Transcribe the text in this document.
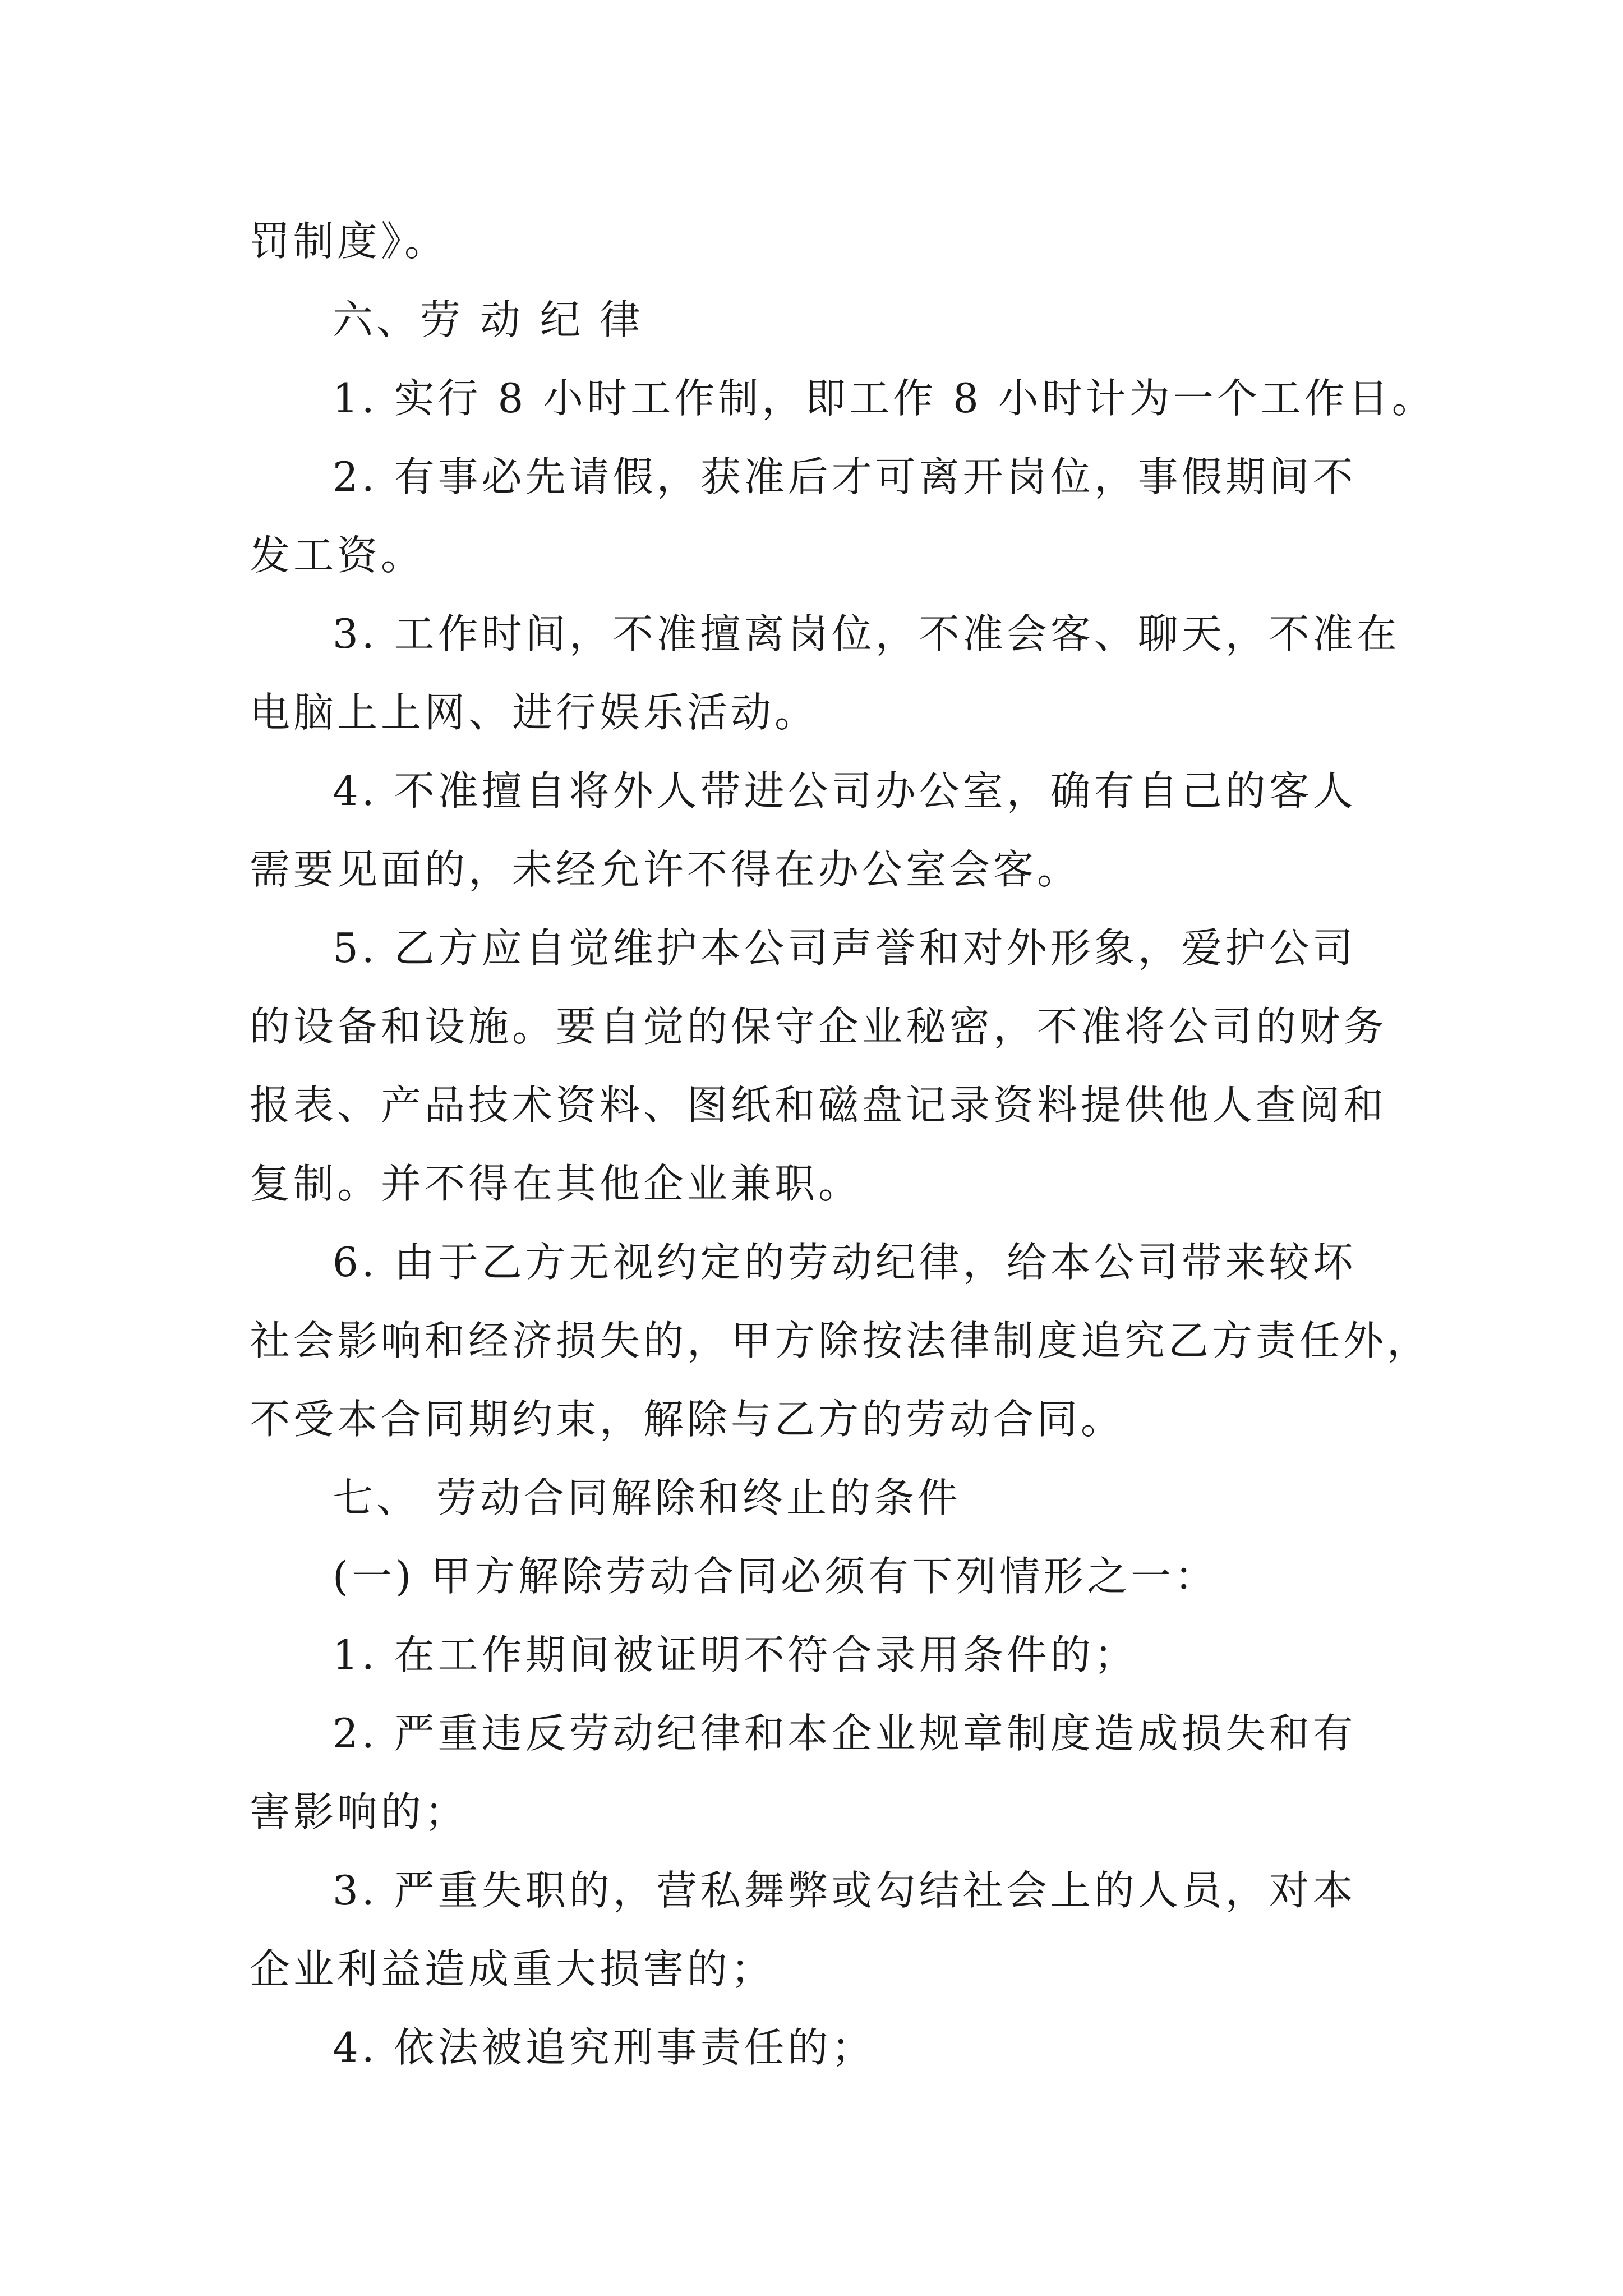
罚制度》。
六、劳 动 纪 律
1. 实行 8 小时工作制，即工作 8 小时计为一个工作日。
2. 有事必先请假，获准后才可离开岗位，事假期间不
发工资。
3. 工作时间，不准擅离岗位，不准会客、聊天，不准在
电脑上上网、进行娱乐活动。
4. 不准擅自将外人带进公司办公室，确有自己的客人
需要见面的，未经允许不得在办公室会客。
5. 乙方应自觉维护本公司声誉和对外形象，爱护公司
的设备和设施。要自觉的保守企业秘密，不准将公司的财务
报表、产品技术资料、图纸和磁盘记录资料提供他人查阅和
复制。并不得在其他企业兼职。
6. 由于乙方无视约定的劳动纪律，给本公司带来较坏
社会影响和经济损失的，甲方除按法律制度追究乙方责任外，
不受本合同期约束，解除与乙方的劳动合同。
七、 劳动合同解除和终止的条件
(一) 甲方解除劳动合同必须有下列情形之一：
1. 在工作期间被证明不符合录用条件的；
2. 严重违反劳动纪律和本企业规章制度造成损失和有
害影响的；
3. 严重失职的，营私舞弊或勾结社会上的人员，对本
企业利益造成重大损害的；
4. 依法被追究刑事责任的；
